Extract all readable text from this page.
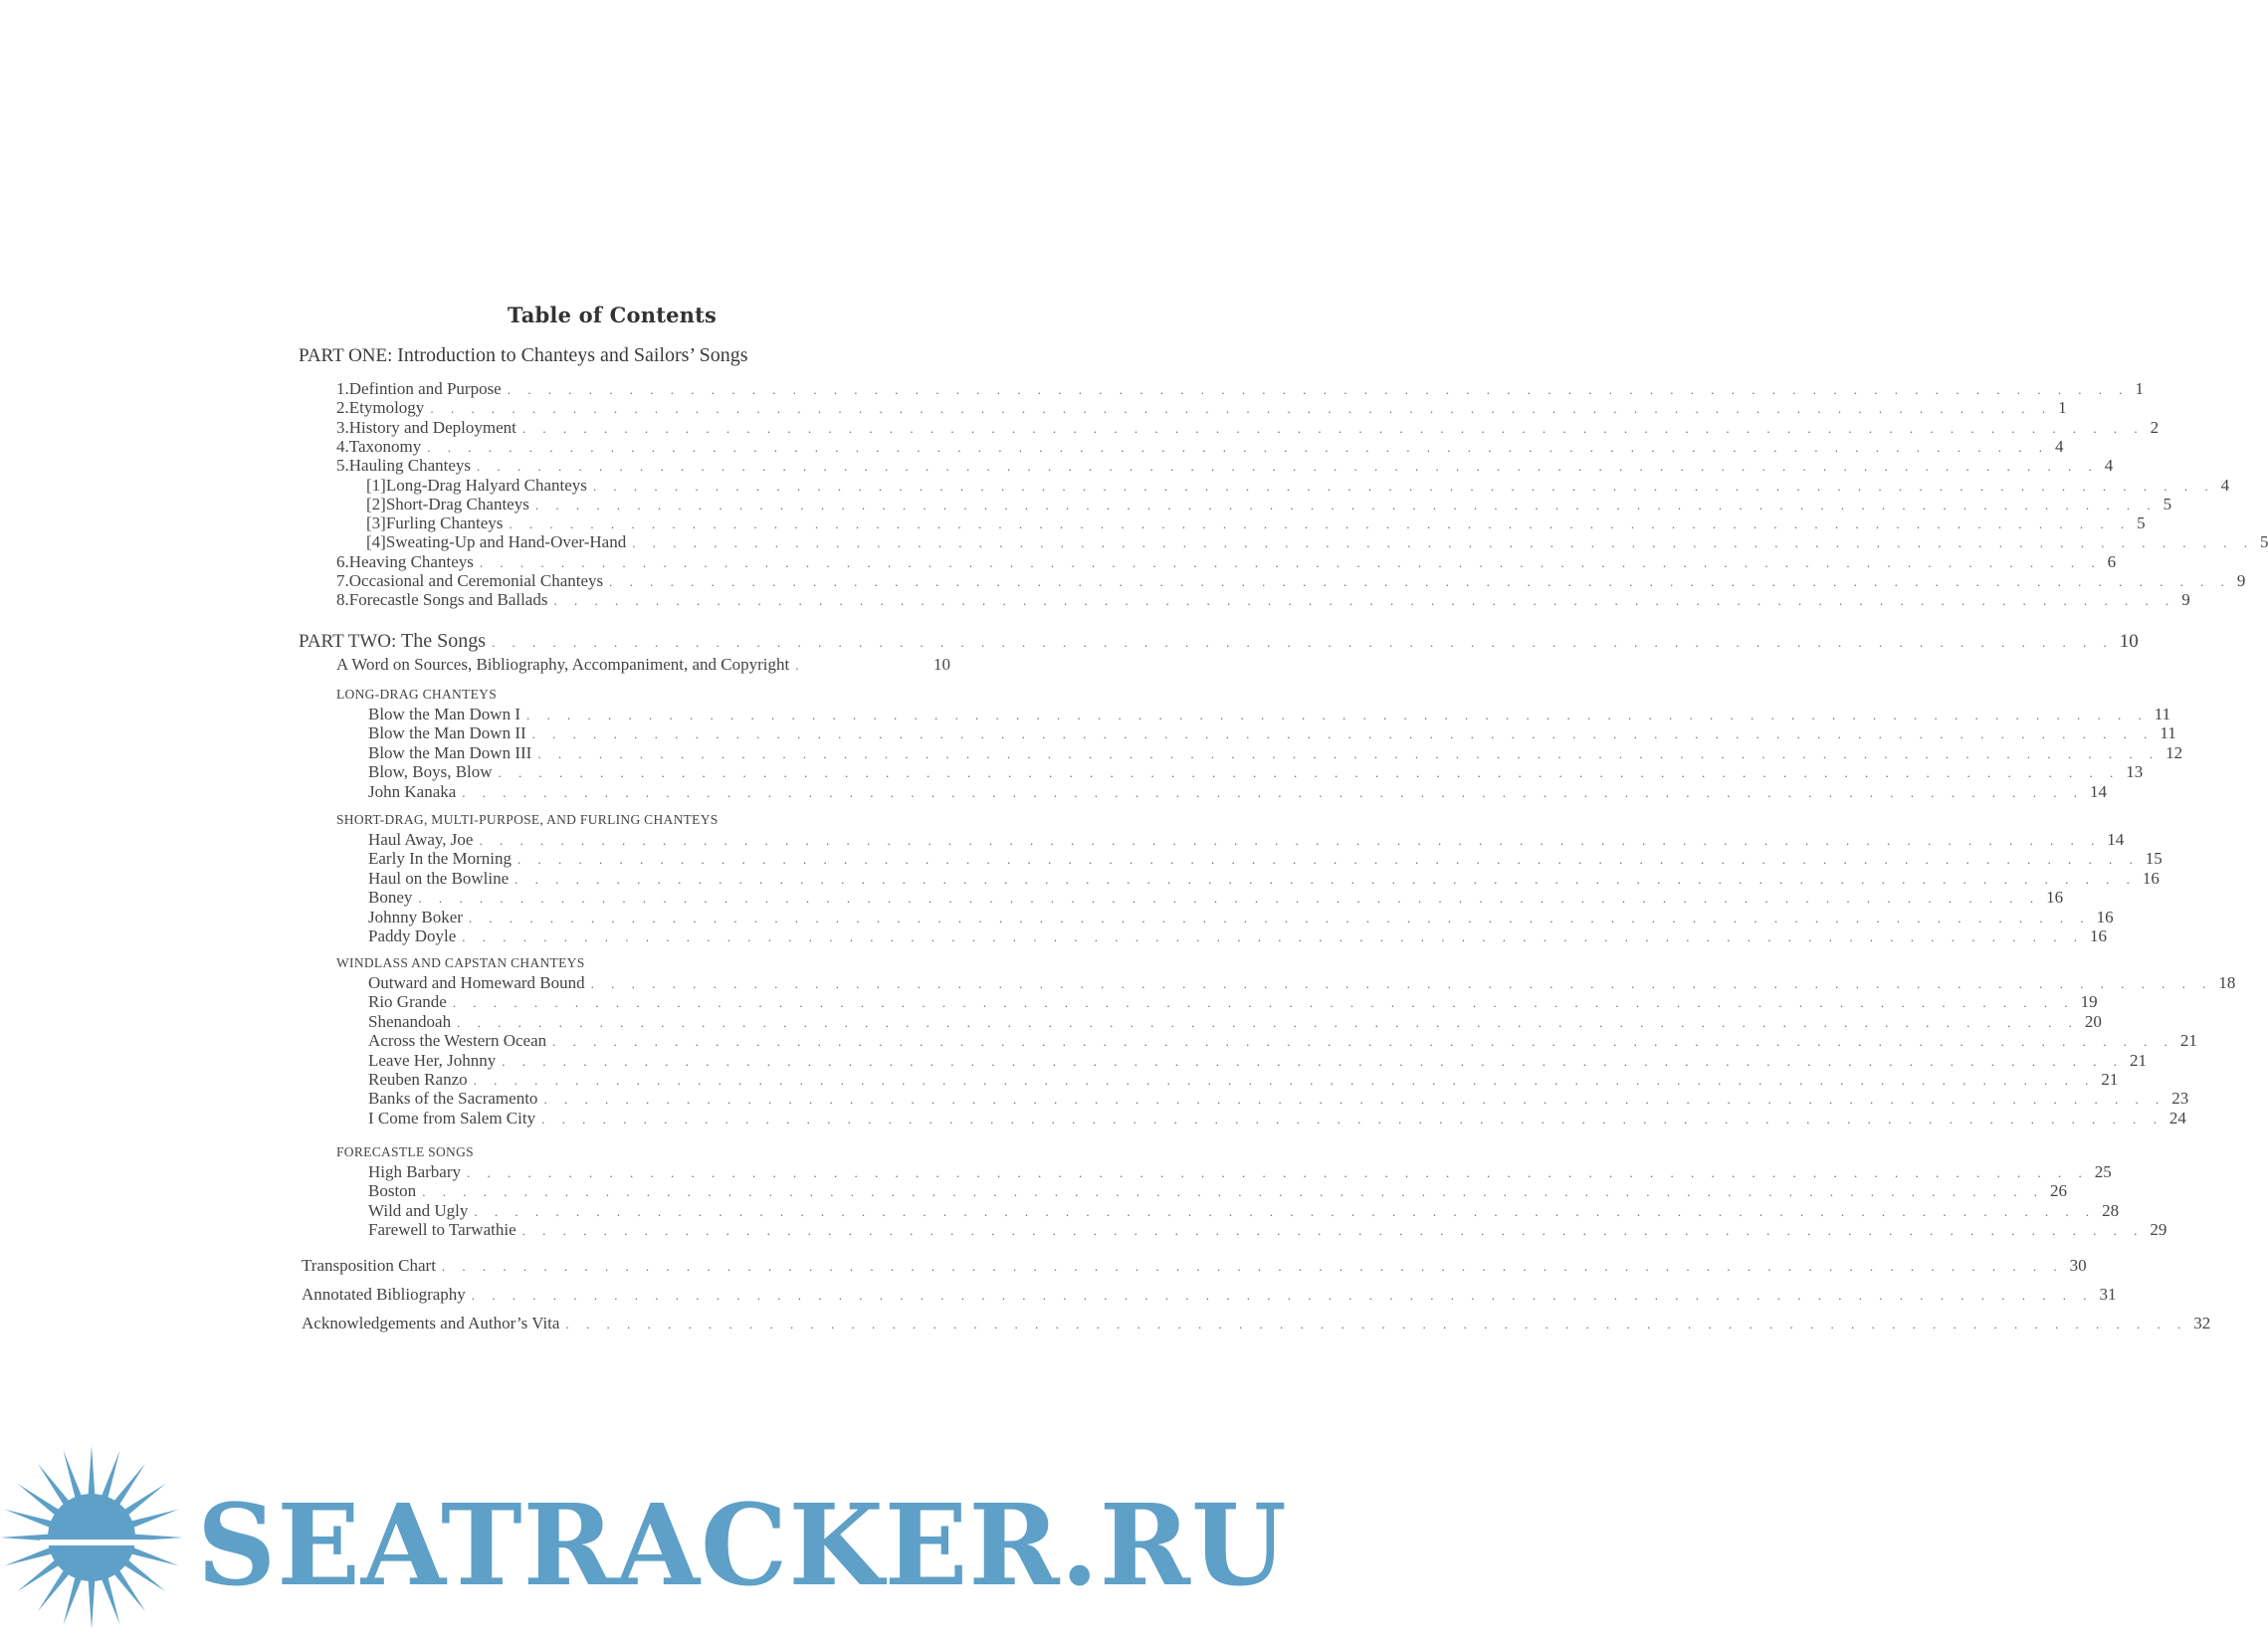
Table of Contents
PART ONE: Introduction to Chanteys and Sailors’ Songs
1. Defintion and Purpose . . . . . . . . . . . . . . . . . . . . . . . . . . . . . . . . . . . . . . . . . . . . . . . . . . . . . . . . . . . . . . . . . . . . . . . . . . . . . . . . 1
2. Etymology . . . . . . . . . . . . . . . . . . . . . . . . . . . . . . . . . . . . . . . . . . . . . . . . . . . . . . . . . . . . . . . . . . . . . . . . . . . . . . . . 1
3. History and Deployment . . . . . . . . . . . . . . . . . . . . . . . . . . . . . . . . . . . . . . . . . . . . . . . . . . . . . . . . . . . . . . . . . . . . . . . . . . . . . . . . 2
4. Taxonomy . . . . . . . . . . . . . . . . . . . . . . . . . . . . . . . . . . . . . . . . . . . . . . . . . . . . . . . . . . . . . . . . . . . . . . . . . . . . . . . . 4
5. Hauling Chanteys . . . . . . . . . . . . . . . . . . . . . . . . . . . . . . . . . . . . . . . . . . . . . . . . . . . . . . . . . . . . . . . . . . . . . . . . . . . . . . . . 4
[1] Long-Drag Halyard Chanteys . . . . . . . . . . . . . . . . . . . . . . . . . . . . . . . . . . . . . . . . . . . . . . . . . . . . . . . . . . . . . . . . . . . . . . . . . . . . . . . . 4
[2] Short-Drag Chanteys . . . . . . . . . . . . . . . . . . . . . . . . . . . . . . . . . . . . . . . . . . . . . . . . . . . . . . . . . . . . . . . . . . . . . . . . . . . . . . . . 5
[3] Furling Chanteys . . . . . . . . . . . . . . . . . . . . . . . . . . . . . . . . . . . . . . . . . . . . . . . . . . . . . . . . . . . . . . . . . . . . . . . . . . . . . . . . 5
[4] Sweating-Up and Hand-Over-Hand . . . . . . . . . . . . . . . . . . . . . . . . . . . . . . . . . . . . . . . . . . . . . . . . . . . . . . . . . . . . . . . . . . . . . . . . . . . . . . . . 5
6. Heaving Chanteys . . . . . . . . . . . . . . . . . . . . . . . . . . . . . . . . . . . . . . . . . . . . . . . . . . . . . . . . . . . . . . . . . . . . . . . . . . . . . . . . 6
7. Occasional and Ceremonial Chanteys . . . . . . . . . . . . . . . . . . . . . . . . . . . . . . . . . . . . . . . . . . . . . . . . . . . . . . . . . . . . . . . . . . . . . . . . . . . . . . . . 9
8. Forecastle Songs and Ballads . . . . . . . . . . . . . . . . . . . . . . . . . . . . . . . . . . . . . . . . . . . . . . . . . . . . . . . . . . . . . . . . . . . . . . . . . . . . . . . . 9
PART TWO: The Songs . . . . . . . . . . . . . . . . . . . . . . . . . . . . . . . . . . . . . . . . . . . . . . . . . . . . . . . . . . . . . . . . . . . . . . . . . . . . . . . . 10
A Word on Sources, Bibliography, Accompaniment, and Copyright .	10
LONG-DRAG CHANTEYS
Blow the Man Down I . . . . . . . . . . . . . . . . . . . . . . . . . . . . . . . . . . . . . . . . . . . . . . . . . . . . . . . . . . . . . . . . . . . . . . . . . . . . . . . . 11
Blow the Man Down II . . . . . . . . . . . . . . . . . . . . . . . . . . . . . . . . . . . . . . . . . . . . . . . . . . . . . . . . . . . . . . . . . . . . . . . . . . . . . . . . 11
Blow the Man Down III . . . . . . . . . . . . . . . . . . . . . . . . . . . . . . . . . . . . . . . . . . . . . . . . . . . . . . . . . . . . . . . . . . . . . . . . . . . . . . . . 12
Blow, Boys, Blow . . . . . . . . . . . . . . . . . . . . . . . . . . . . . . . . . . . . . . . . . . . . . . . . . . . . . . . . . . . . . . . . . . . . . . . . . . . . . . . . 13
John Kanaka . . . . . . . . . . . . . . . . . . . . . . . . . . . . . . . . . . . . . . . . . . . . . . . . . . . . . . . . . . . . . . . . . . . . . . . . . . . . . . . . 14
SHORT-DRAG, MULTI-PURPOSE, AND FURLING CHANTEYS
Haul Away, Joe . . . . . . . . . . . . . . . . . . . . . . . . . . . . . . . . . . . . . . . . . . . . . . . . . . . . . . . . . . . . . . . . . . . . . . . . . . . . . . . . 14
Early In the Morning . . . . . . . . . . . . . . . . . . . . . . . . . . . . . . . . . . . . . . . . . . . . . . . . . . . . . . . . . . . . . . . . . . . . . . . . . . . . . . . . 15
Haul on the Bowline . . . . . . . . . . . . . . . . . . . . . . . . . . . . . . . . . . . . . . . . . . . . . . . . . . . . . . . . . . . . . . . . . . . . . . . . . . . . . . . . 16
Boney . . . . . . . . . . . . . . . . . . . . . . . . . . . . . . . . . . . . . . . . . . . . . . . . . . . . . . . . . . . . . . . . . . . . . . . . . . . . . . . . 16
Johnny Boker . . . . . . . . . . . . . . . . . . . . . . . . . . . . . . . . . . . . . . . . . . . . . . . . . . . . . . . . . . . . . . . . . . . . . . . . . . . . . . . . 16
Paddy Doyle . . . . . . . . . . . . . . . . . . . . . . . . . . . . . . . . . . . . . . . . . . . . . . . . . . . . . . . . . . . . . . . . . . . . . . . . . . . . . . . . 16
WINDLASS AND CAPSTAN CHANTEYS
Outward and Homeward Bound . . . . . . . . . . . . . . . . . . . . . . . . . . . . . . . . . . . . . . . . . . . . . . . . . . . . . . . . . . . . . . . . . . . . . . . . . . . . . . . . 18
Rio Grande . . . . . . . . . . . . . . . . . . . . . . . . . . . . . . . . . . . . . . . . . . . . . . . . . . . . . . . . . . . . . . . . . . . . . . . . . . . . . . . . 19
Shenandoah . . . . . . . . . . . . . . . . . . . . . . . . . . . . . . . . . . . . . . . . . . . . . . . . . . . . . . . . . . . . . . . . . . . . . . . . . . . . . . . . 20
Across the Western Ocean . . . . . . . . . . . . . . . . . . . . . . . . . . . . . . . . . . . . . . . . . . . . . . . . . . . . . . . . . . . . . . . . . . . . . . . . . . . . . . . . 21
Leave Her, Johnny . . . . . . . . . . . . . . . . . . . . . . . . . . . . . . . . . . . . . . . . . . . . . . . . . . . . . . . . . . . . . . . . . . . . . . . . . . . . . . . . 21
Reuben Ranzo . . . . . . . . . . . . . . . . . . . . . . . . . . . . . . . . . . . . . . . . . . . . . . . . . . . . . . . . . . . . . . . . . . . . . . . . . . . . . . . . 21
Banks of the Sacramento . . . . . . . . . . . . . . . . . . . . . . . . . . . . . . . . . . . . . . . . . . . . . . . . . . . . . . . . . . . . . . . . . . . . . . . . . . . . . . . . 23
I Come from Salem City . . . . . . . . . . . . . . . . . . . . . . . . . . . . . . . . . . . . . . . . . . . . . . . . . . . . . . . . . . . . . . . . . . . . . . . . . . . . . . . . 24
FORECASTLE SONGS
High Barbary . . . . . . . . . . . . . . . . . . . . . . . . . . . . . . . . . . . . . . . . . . . . . . . . . . . . . . . . . . . . . . . . . . . . . . . . . . . . . . . . 25
Boston . . . . . . . . . . . . . . . . . . . . . . . . . . . . . . . . . . . . . . . . . . . . . . . . . . . . . . . . . . . . . . . . . . . . . . . . . . . . . . . . 26
Wild and Ugly . . . . . . . . . . . . . . . . . . . . . . . . . . . . . . . . . . . . . . . . . . . . . . . . . . . . . . . . . . . . . . . . . . . . . . . . . . . . . . . . 28
Farewell to Tarwathie . . . . . . . . . . . . . . . . . . . . . . . . . . . . . . . . . . . . . . . . . . . . . . . . . . . . . . . . . . . . . . . . . . . . . . . . . . . . . . . . 29
Transposition Chart . . . . . . . . . . . . . . . . . . . . . . . . . . . . . . . . . . . . . . . . . . . . . . . . . . . . . . . . . . . . . . . . . . . . . . . . . . . . . . . . 30
Annotated Bibliography . . . . . . . . . . . . . . . . . . . . . . . . . . . . . . . . . . . . . . . . . . . . . . . . . . . . . . . . . . . . . . . . . . . . . . . . . . . . . . . . 31
Acknowledgements and Author’s Vita . . . . . . . . . . . . . . . . . . . . . . . . . . . . . . . . . . . . . . . . . . . . . . . . . . . . . . . . . . . . . . . . . . . . . . . . . . . . . . . . 32
SEATRACKER.RU
